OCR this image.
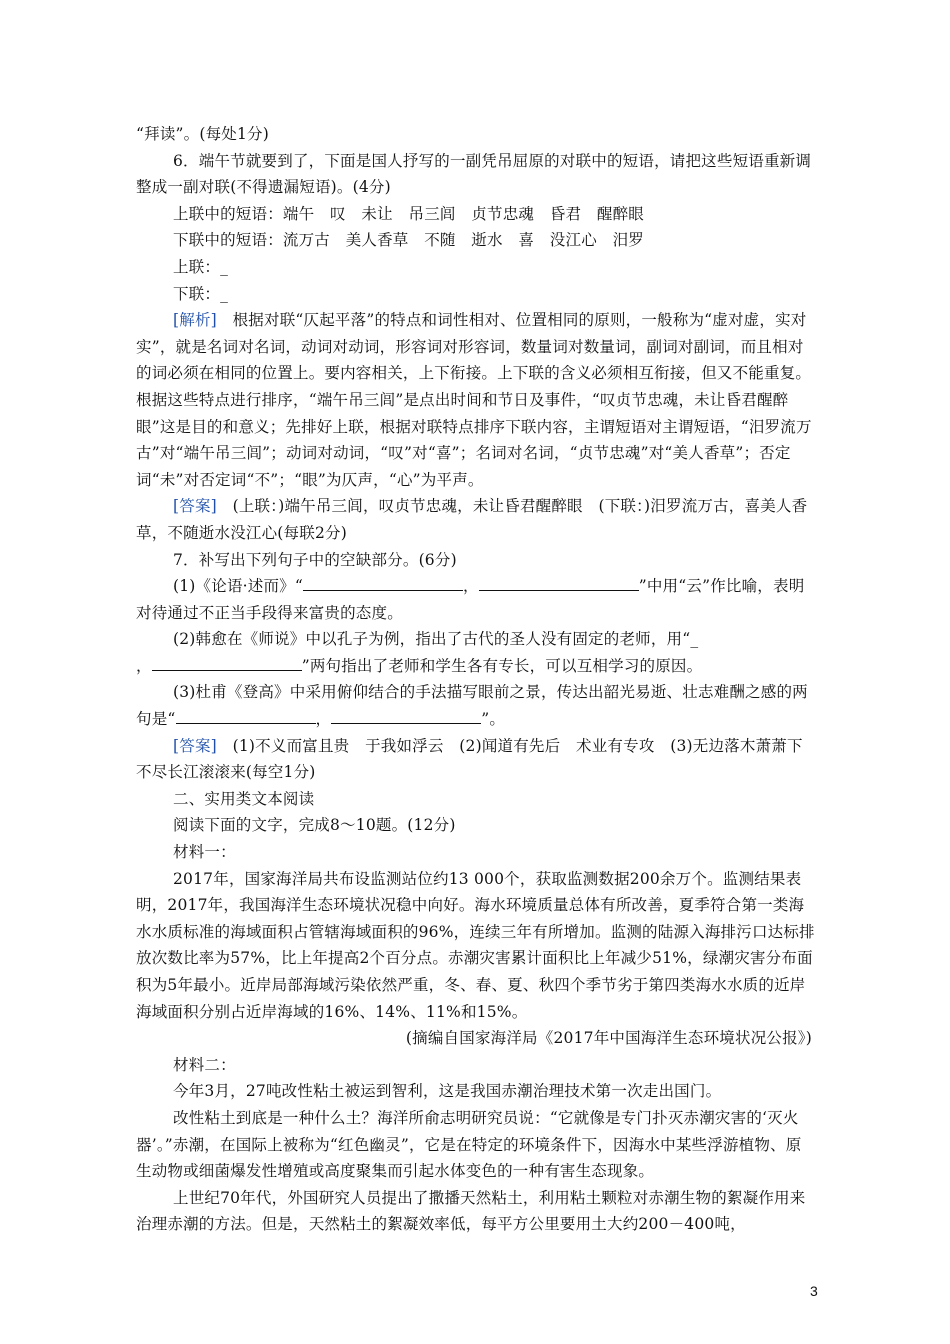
“拜读”。(每处1分)

6．端午节就要到了，下面是国人抒写的一副凭吊屈原的对联中的短语，请把这些短语重新调整成一副对联(不得遗漏短语)。(4分)

上联中的短语：端午　叹　未让　吊三闾　贞节忠魂　昏君　醒醉眼

下联中的短语：流万古　美人香草　不随　逝水　喜　没江心　汨罗

上联：_

下联：_

[解析]　 根据对联“仄起平落”的特点和词性相对、位置相同的原则，一般称为“虚对虚，实对实”，就是名词对名词，动词对动词，形容词对形容词，数量词对数量词，副词对副词，而且相对的词必须在相同的位置上。要内容相关，上下衔接。上下联的含义必须相互衔接，但又不能重复。根据这些特点进行排序，“端午吊三闾”是点出时间和节日及事件，“叹贞节忠魂，未让昏君醒醉眼”这是目的和意义；先排好上联，根据对联特点排序下联内容，主谓短语对主谓短语，“汨罗流万古”对“端午吊三闾”；动词对动词，“叹”对“喜”；名词对名词，“贞节忠魂”对“美人香草”；否定词“未”对否定词“不”；“眼”为仄声，“心”为平声。

[答案]　 (上联：)端午吊三闾，叹贞节忠魂，未让昏君醒醉眼　(下联：)汨罗流万古，喜美人香草，不随逝水没江心(每联2分)

7．补写出下列句子中的空缺部分。(6分)

(1)《论语·述而》“	，	”中用“云”作比喻，表明对待通过不正当手段得来富贵的态度。

(2)韩愈在《师说》中以孔子为例，指出了古代的圣人没有固定的老师，用“_
，	”两句指出了老师和学生各有专长，可以互相学习的原因。

(3)杜甫《登高》中采用俯仰结合的手法描写眼前之景，传达出韶光易逝、壮志难酬之感的两句是“	，	”。

[答案]　 (1)不义而富且贵　于我如浮云　(2)闻道有先后　术业有专攻　(3)无边落木萧萧下　不尽长江滚滚来(每空1分)

二、实用类文本阅读

阅读下面的文字，完成8～10题。(12分)

材料一：

2017年，国家海洋局共布设监测站位约13 000个，获取监测数据200余万个。监测结果表明，2017年，我国海洋生态环境状况稳中向好。海水环境质量总体有所改善，夏季符合第一类海水水质标准的海域面积占管辖海域面积的96%，连续三年有所增加。监测的陆源入海排污口达标排放次数比率为57%，比上年提高2个百分点。赤潮灾害累计面积比上年减少51%，绿潮灾害分布面积为5年最小。近岸局部海域污染依然严重，冬、春、夏、秋四个季节劣于第四类海水水质的近岸海域面积分别占近岸海域的16%、14%、11%和15%。

(摘编自国家海洋局《2017年中国海洋生态环境状况公报》)

材料二：

今年3月，27吨改性粘土被运到智利，这是我国赤潮治理技术第一次走出国门。

改性粘土到底是一种什么土？海洋所俞志明研究员说：“它就像是专门扑灭赤潮灾害的‘灭火器’。”赤潮，在国际上被称为“红色幽灵”，它是在特定的环境条件下，因海水中某些浮游植物、原生动物或细菌爆发性增殖或高度聚集而引起水体变色的一种有害生态现象。

上世纪70年代，外国研究人员提出了撒播天然粘土，利用粘土颗粒对赤潮生物的絮凝作用来治理赤潮的方法。但是，天然粘土的絮凝效率低，每平方公里要用土大约200－400吨，

3
